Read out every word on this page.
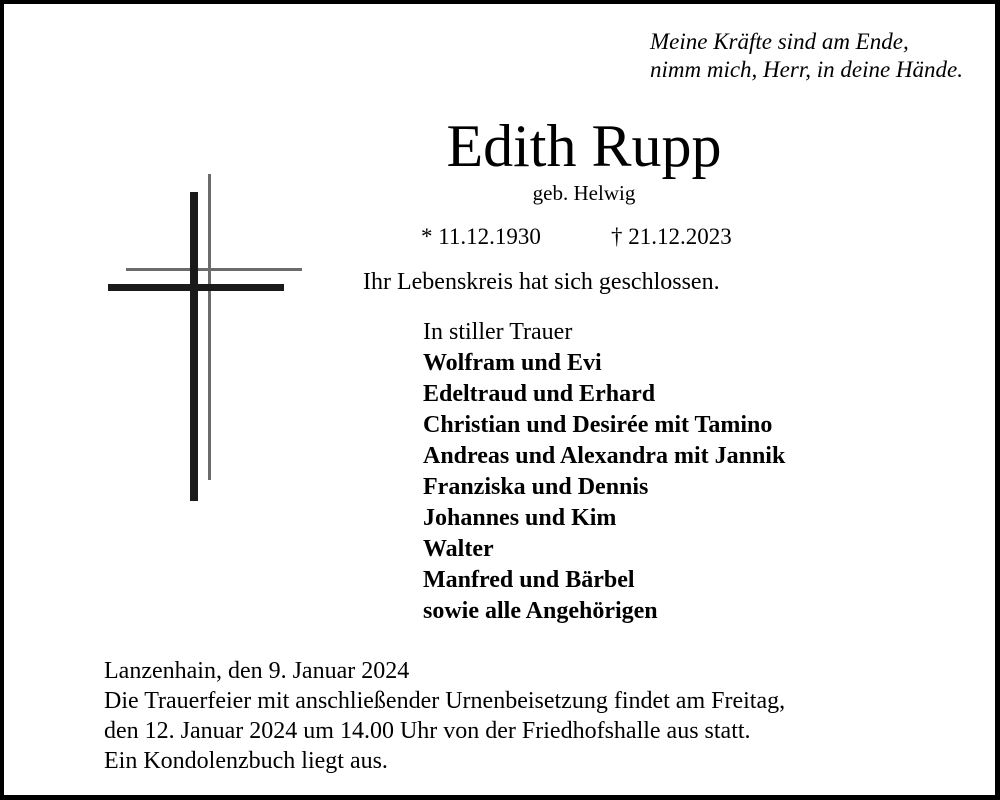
Meine Kräfte sind am Ende,
nimm mich, Herr, in deine Hände.
Edith Rupp
geb. Helwig
* 11.12.1930	† 21.12.2023
Ihr Lebenskreis hat sich geschlossen.
In stiller Trauer
Wolfram und Evi
Edeltraud und Erhard
Christian und Desirée mit Tamino
Andreas und Alexandra mit Jannik
Franziska und Dennis
Johannes und Kim
Walter
Manfred und Bärbel
sowie alle Angehörigen
Lanzenhain, den 9. Januar 2024
Die Trauerfeier mit anschließender Urnenbeisetzung findet am Freitag,
den 12. Januar 2024 um 14.00 Uhr von der Friedhofshalle aus statt.
Ein Kondolenzbuch liegt aus.
